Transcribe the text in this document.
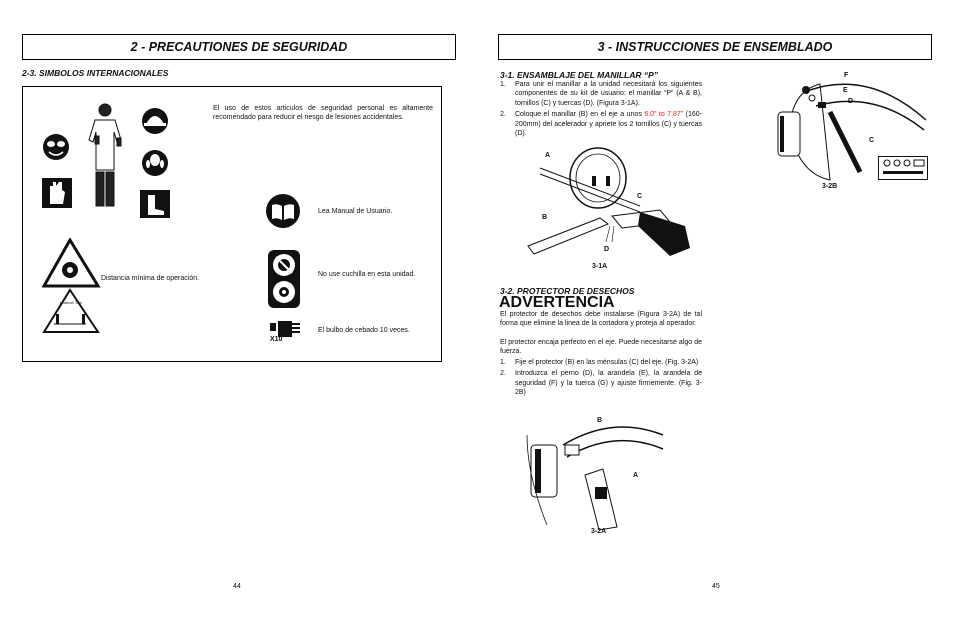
2 - PRECAUTIONES DE SEGURIDAD
2-3. SIMBOLOS INTERNACIONALES
El uso de estos articulos de seguridad personal es altamente recomendado para reducir el riesgo de lesiones accidentales.
Lea Manual de Usuario.
No use cuchilla en esta unidad.
X10
El bulbo de cebado 10 veces.
Minimum 15m
Distancia mínima de operación.
44
3 - INSTRUCCIONES DE ENSEMBLADO
3-1. ENSAMBLAJE DEL MANILLAR “P”
1.	Para unir el manillar a la unidad necesitará los siguientes componentes de su kit de usuario: el manillar “P” (A & B), tornillos (C) y tuercas (D). (Figura 3-1A).
2.	Coloque el manillar (B) en el eje a unos 6.0” to 7.87” (160-200mm) del acelerador y apriete los 2 tornillos (C) y tuercas (D).
A
B
C
D
3-1A
F
E
D
C
3-2B
3-2. PROTECTOR DE DESECHOS
ADVERTENCIA
El protector de desechos debe instalarse (Figura 3-2A) de tal forma que elimine la linea de la cortadora y proteja al operador.
El protector encaja perfecto en el eje. Puede necesitarse algo de fuerza.
1.	Fije el protector (B) en las ménsulas (C) del eje. (Fig. 3-2A)
2.	Introduzca el perno (D), la arandela (E), la arandela de seguridad (F) y la tuerca (G) y ajuste firmemente. (Fig. 3-2B)
B
A
3-2A
45
